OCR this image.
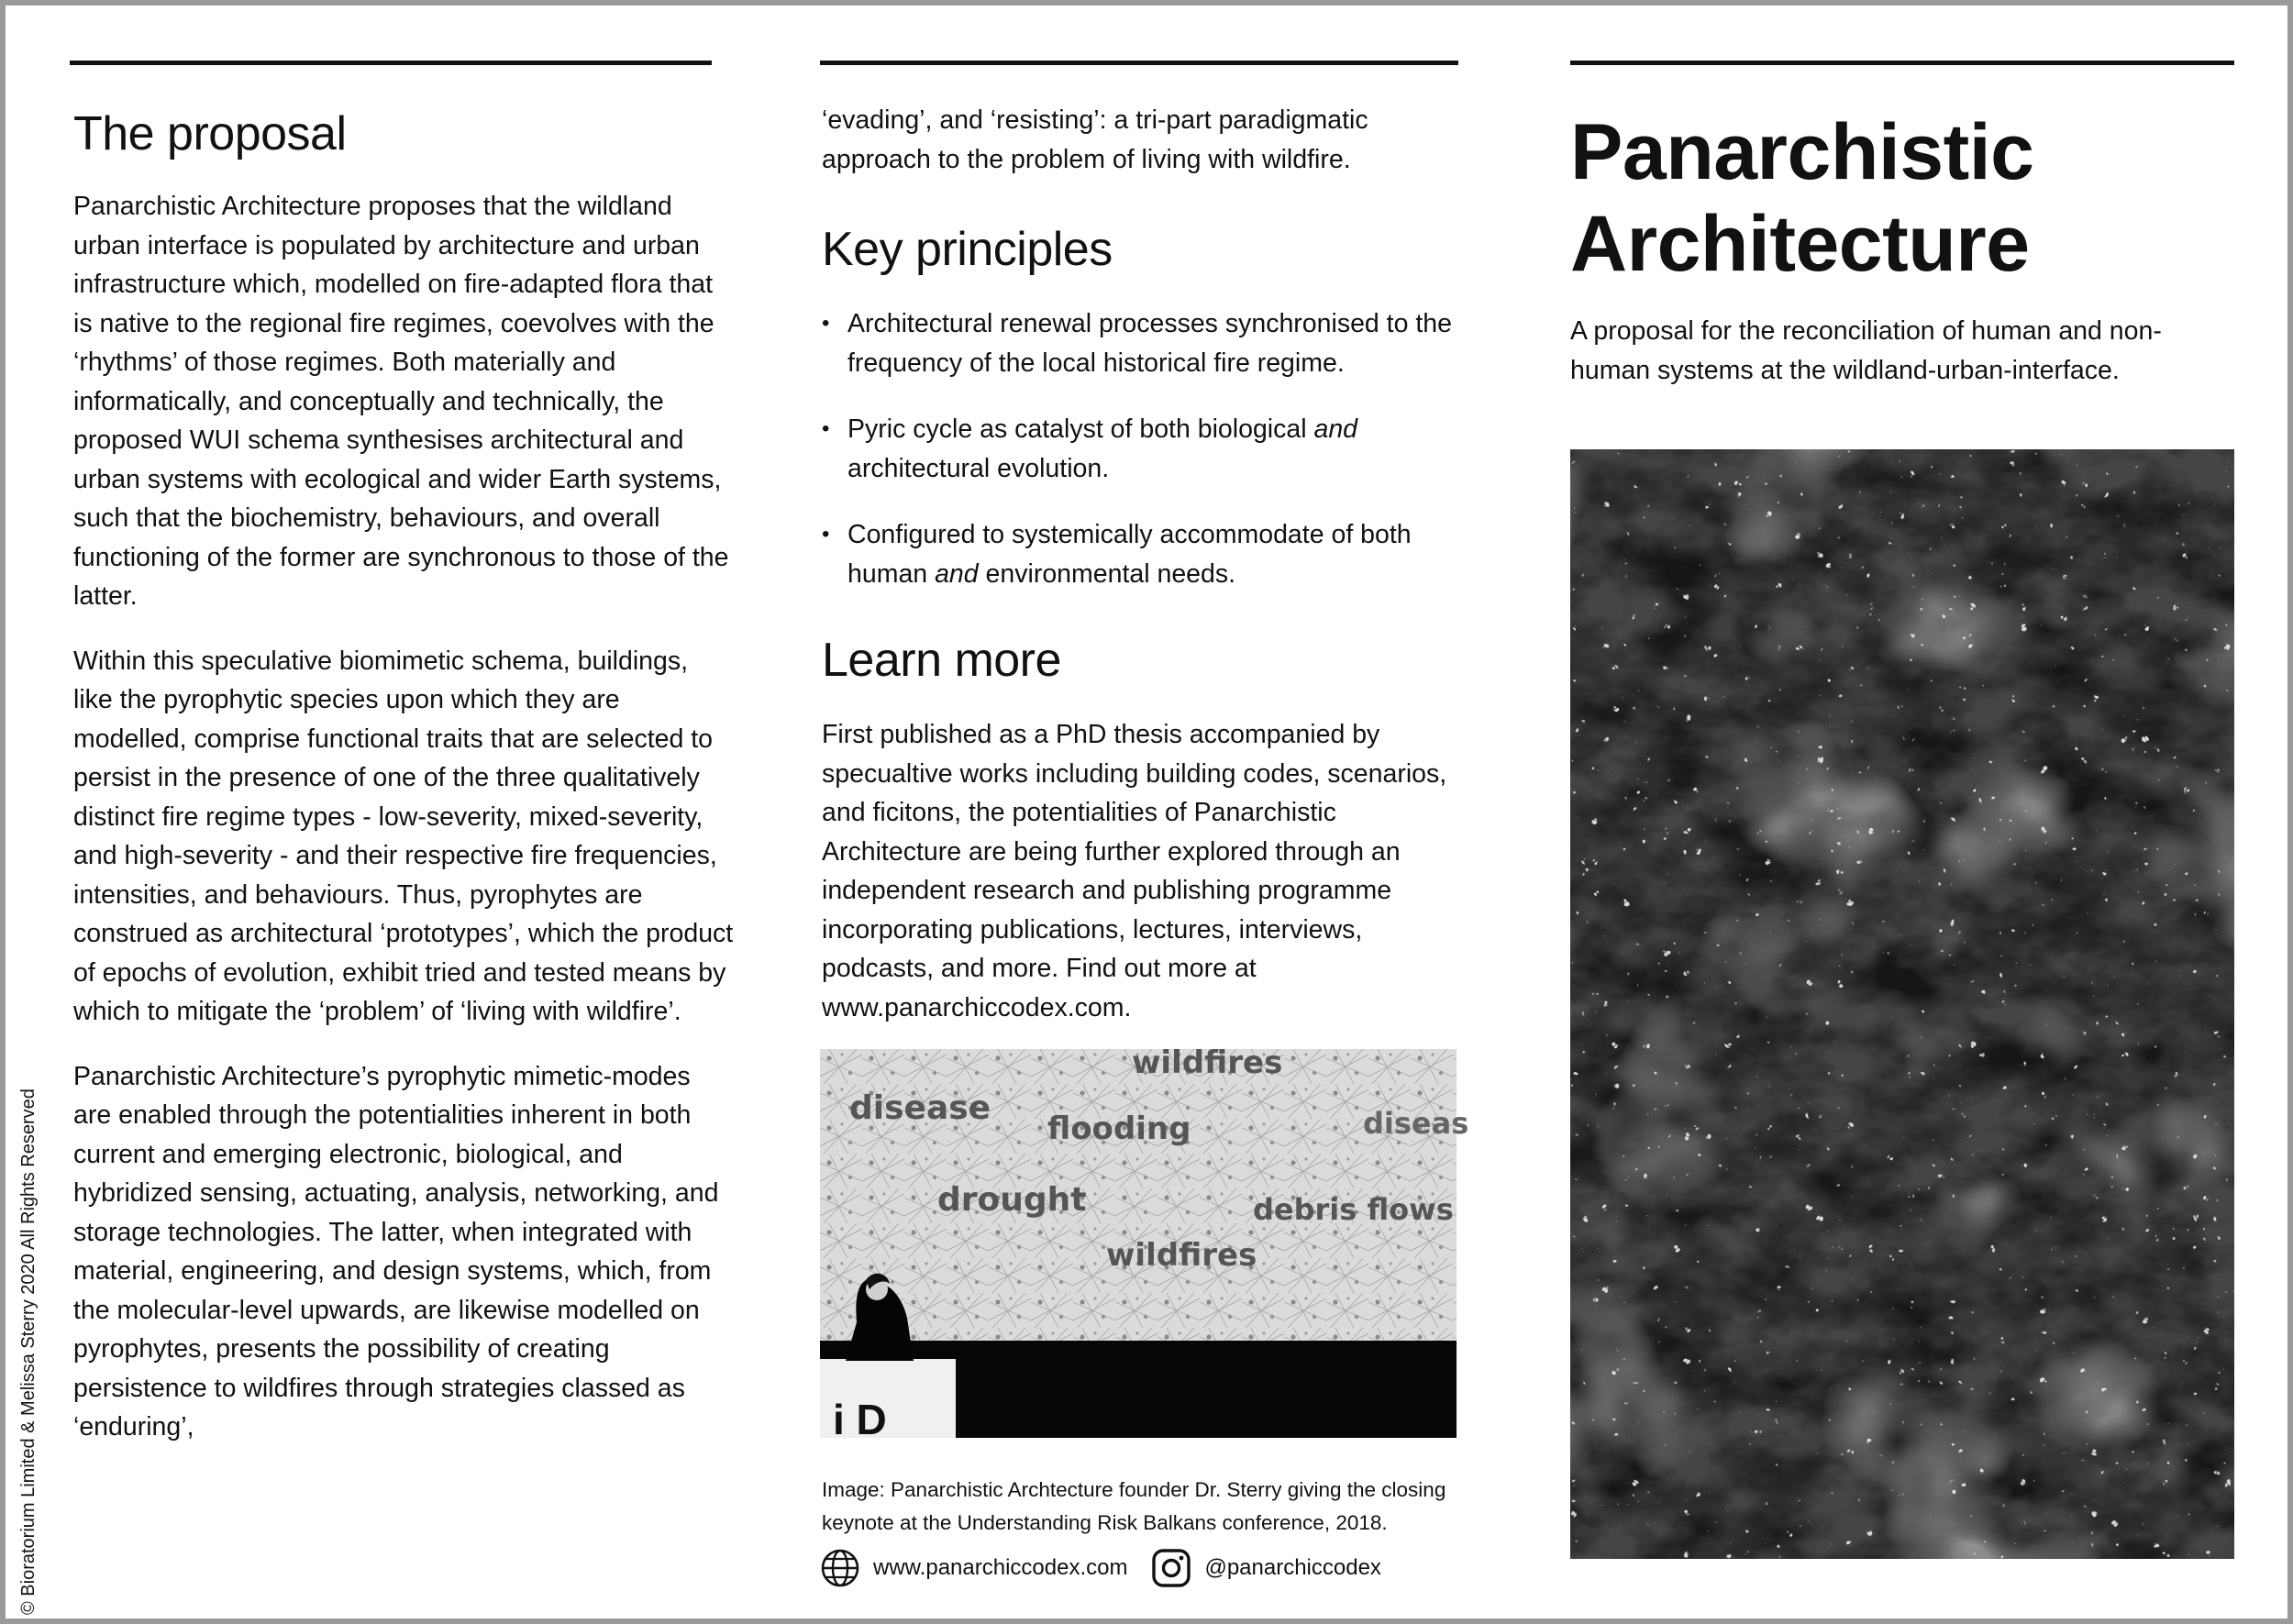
© Bioratorium Limited & Melissa Sterry 2020 All Rights Reserved
The proposal

Panarchistic Architecture proposes that the wildland urban interface is populated by architecture and urban infrastructure which, modelled on fire-adapted flora that is native to the regional fire regimes, coevolves with the ‘rhythms’ of those regimes. Both materially and informatically, and conceptually and technically, the proposed WUI schema synthesises architectural and urban systems with ecological and wider Earth systems, such that the biochemistry, behaviours, and overall functioning of the former are synchronous to those of the latter.

Within this speculative biomimetic schema, buildings, like the pyrophytic species upon which they are modelled, comprise functional traits that are selected to persist in the presence of one of the three qualitatively distinct fire regime types - low-severity, mixed-severity, and high-severity - and their respective fire frequencies, intensities, and behaviours. Thus, pyrophytes are construed as architectural ‘prototypes’, which the product of epochs of evolution, exhibit tried and tested means by which to mitigate the ‘problem’ of ‘living with wildfire’.

Panarchistic Architecture’s pyrophytic mimetic-modes are enabled through the potentialities inherent in both current and emerging electronic, biological, and hybridized sensing, actuating, analysis, networking, and storage technologies. The latter, when integrated with material, engineering, and design systems, which, from the molecular-level upwards, are likewise modelled on pyrophytes, presents the possibility of creating persistence to wildfires through strategies classed as ‘enduring’,

‘evading’, and ‘resisting’: a tri-part paradigmatic approach to the problem of living with wildfire.

Key principles
• Architectural renewal processes synchronised to the frequency of the local historical fire regime.
• Pyric cycle as catalyst of both biological and architectural evolution.
• Configured to systemically accommodate of both human and environmental needs.
Learn more

First published as a PhD thesis accompanied by specualtive works including building codes, scenarios, and ficitons, the potentialities of Panarchistic Architecture are being further explored through an independent research and publishing programme incorporating publications, lectures, interviews, podcasts, and more. Find out more at www.panarchiccodex.com.

i D
wildfires
disease
flooding	diseas
drought	debris flows
wildfires

Image: Panarchistic Archtecture founder Dr. Sterry giving the closing keynote at the Understanding Risk Balkans conference, 2018.

www.panarchiccodex.com	@panarchiccodex
Panarchistic
Architecture

A proposal for the reconciliation of human and non-human systems at the wildland-urban-interface.
